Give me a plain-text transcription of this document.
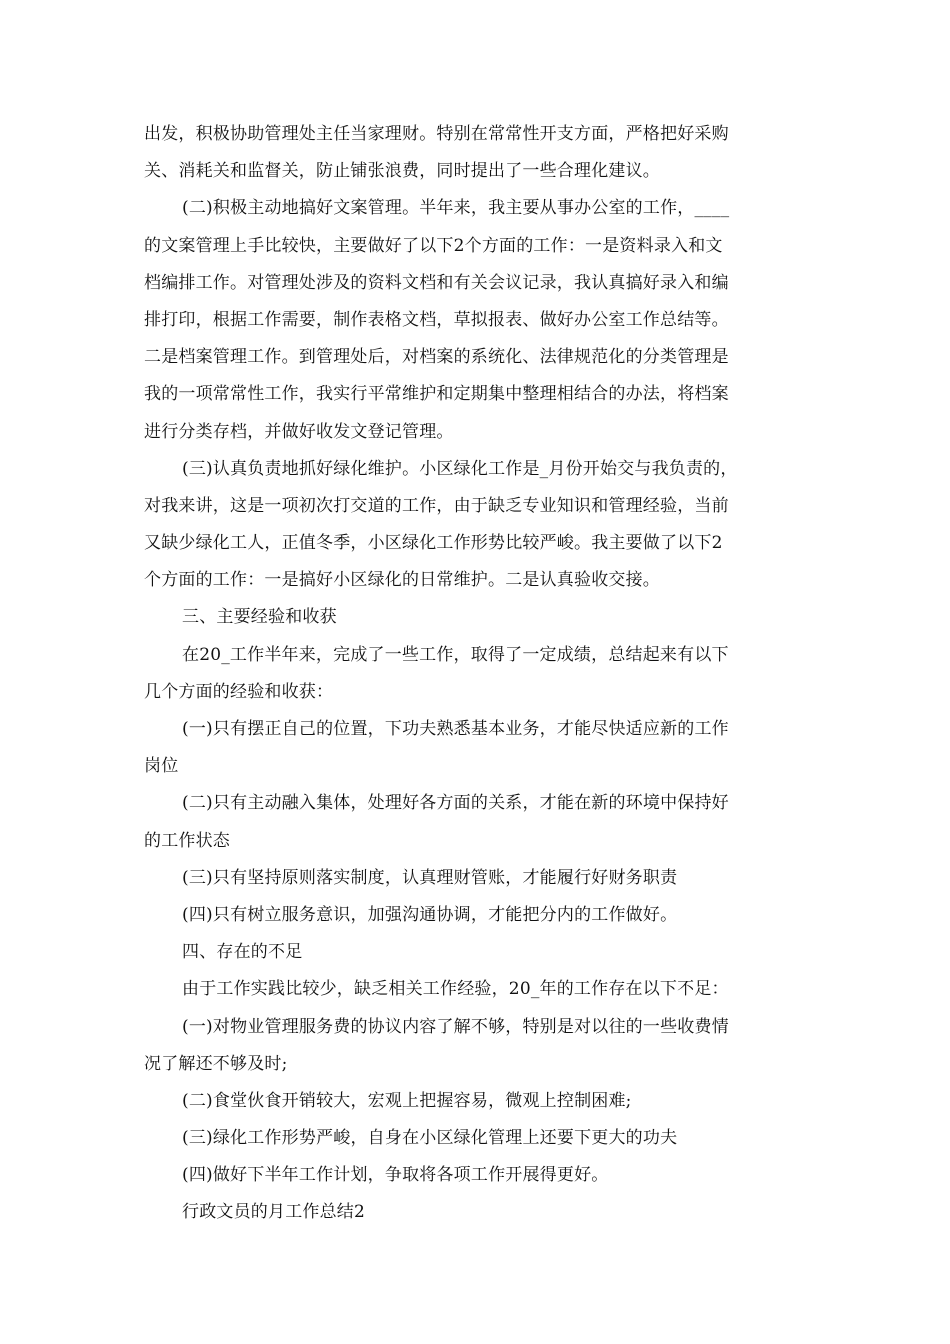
出发，积极协助管理处主任当家理财。特别在常常性开支方面，严格把好采购
关、消耗关和监督关，防止铺张浪费，同时提出了一些合理化建议。
(二)积极主动地搞好文案管理。半年来，我主要从事办公室的工作，____
的文案管理上手比较快，主要做好了以下2个方面的工作：一是资料录入和文
档编排工作。对管理处涉及的资料文档和有关会议记录，我认真搞好录入和编
排打印，根据工作需要，制作表格文档，草拟报表、做好办公室工作总结等。
二是档案管理工作。到管理处后，对档案的系统化、法律规范化的分类管理是
我的一项常常性工作，我实行平常维护和定期集中整理相结合的办法，将档案
进行分类存档，并做好收发文登记管理。
(三)认真负责地抓好绿化维护。小区绿化工作是_月份开始交与我负责的，
对我来讲，这是一项初次打交道的工作，由于缺乏专业知识和管理经验，当前
又缺少绿化工人，正值冬季，小区绿化工作形势比较严峻。我主要做了以下2
个方面的工作：一是搞好小区绿化的日常维护。二是认真验收交接。
三、主要经验和收获
在20_工作半年来，完成了一些工作，取得了一定成绩，总结起来有以下
几个方面的经验和收获：
(一)只有摆正自己的位置，下功夫熟悉基本业务，才能尽快适应新的工作
岗位
(二)只有主动融入集体，处理好各方面的关系，才能在新的环境中保持好
的工作状态
(三)只有坚持原则落实制度，认真理财管账，才能履行好财务职责
(四)只有树立服务意识，加强沟通协调，才能把分内的工作做好。
四、存在的不足
由于工作实践比较少，缺乏相关工作经验，20_年的工作存在以下不足：
(一)对物业管理服务费的协议内容了解不够，特别是对以往的一些收费情
况了解还不够及时;
(二)食堂伙食开销较大，宏观上把握容易，微观上控制困难;
(三)绿化工作形势严峻，自身在小区绿化管理上还要下更大的功夫
(四)做好下半年工作计划，争取将各项工作开展得更好。
行政文员的月工作总结2
